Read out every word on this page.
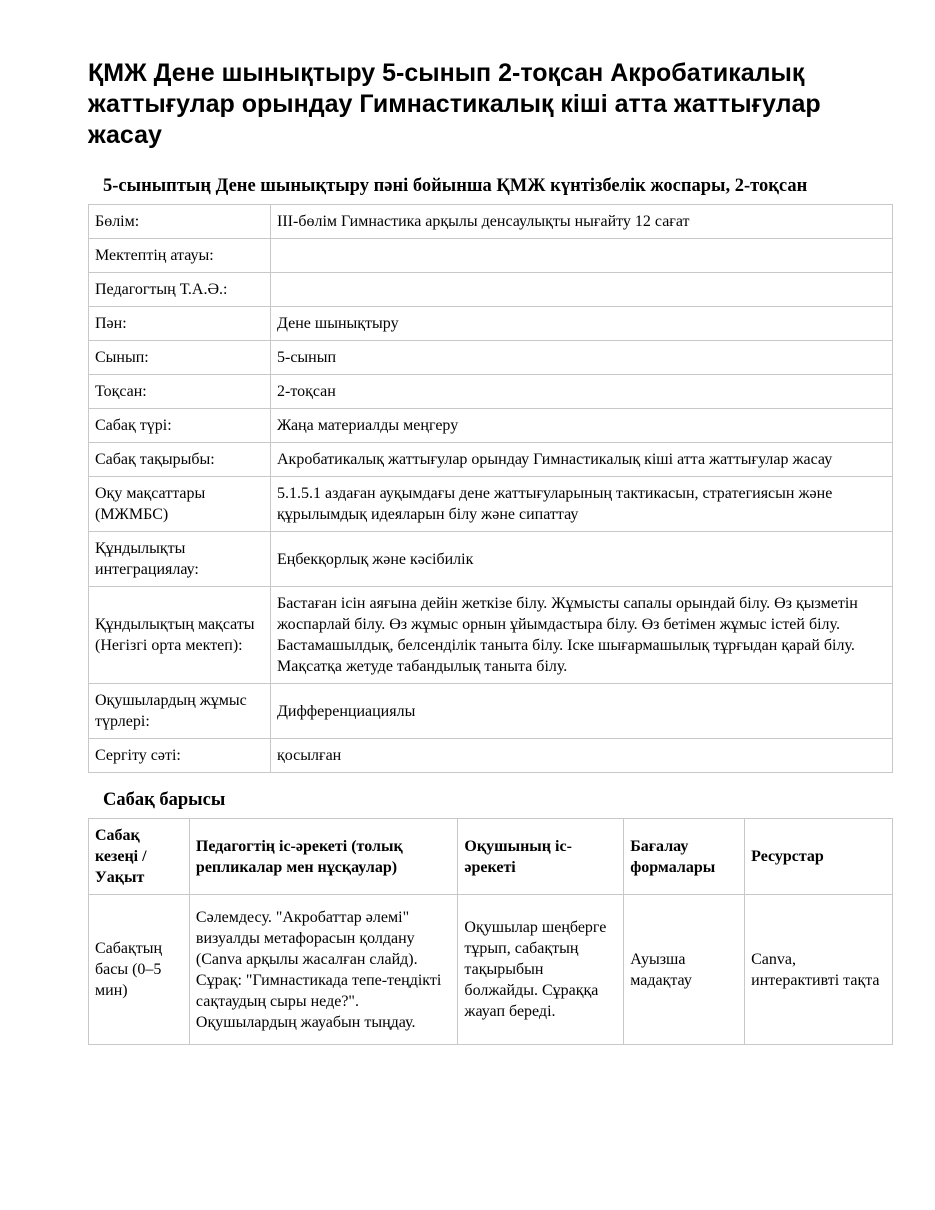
ҚМЖ Дене шынықтыру 5-сынып 2-тоқсан Акробатикалық жаттығулар орындау Гимнастикалық кіші атта жаттығулар жасау
5-сыныптың Дене шынықтыру пәні бойынша ҚМЖ күнтізбелік жоспары, 2-тоқсан
Бөлім:	ІІІ-бөлім Гимнастика арқылы денсаулықты нығайту 12 сағат
Мектептің атауы:	
Педагогтың Т.А.Ә.:	
Пән:	Дене шынықтыру
Сынып:	5-сынып
Тоқсан:	2-тоқсан
Сабақ түрі:	Жаңа материалды меңгеру
Сабақ тақырыбы:	Акробатикалық жаттығулар орындау Гимнастикалық кіші атта жаттығулар жасау
Оқу мақсаттары (МЖМБС)	5.1.5.1 аздаған ауқымдағы дене жаттығуларының тактикасын, стратегиясын және құрылымдық идеяларын білу және сипаттау
Құндылықты интеграциялау:	Еңбекқорлық және кәсібилік
Құндылықтың мақсаты (Негізгі орта мектеп):	Бастаған ісін аяғына дейін жеткізе білу. Жұмысты сапалы орындай білу. Өз қызметін жоспарлай білу. Өз жұмыс орнын ұйымдастыра білу. Өз бетімен жұмыс істей білу. Бастамашылдық, белсенділік таныта білу. Іске шығармашылық тұрғыдан қарай білу. Мақсатқа жетуде табандылық таныта білу.
Оқушылардың жұмыс түрлері:	Дифференциациялы
Сергіту сәті:	қосылған
Сабақ барысы
Сабақ кезеңі / Уақыт	Педагогтің іс-әрекеті (толық репликалар мен нұсқаулар)	Оқушының іс-әрекеті	Бағалау формалары	Ресурстар
Сабақтың басы (0–5 мин)	Сәлемдесу. "Акробаттар әлемі" визуалды метафорасын қолдану (Canva арқылы жасалған слайд). Сұрақ: "Гимнастикада тепе-теңдікті сақтаудың сыры неде?". Оқушылардың жауабын тыңдау.	Оқушылар шеңберге тұрып, сабақтың тақырыбын болжайды. Сұраққа жауап береді.	Ауызша мадақтау	Canva, интерактивті тақта
